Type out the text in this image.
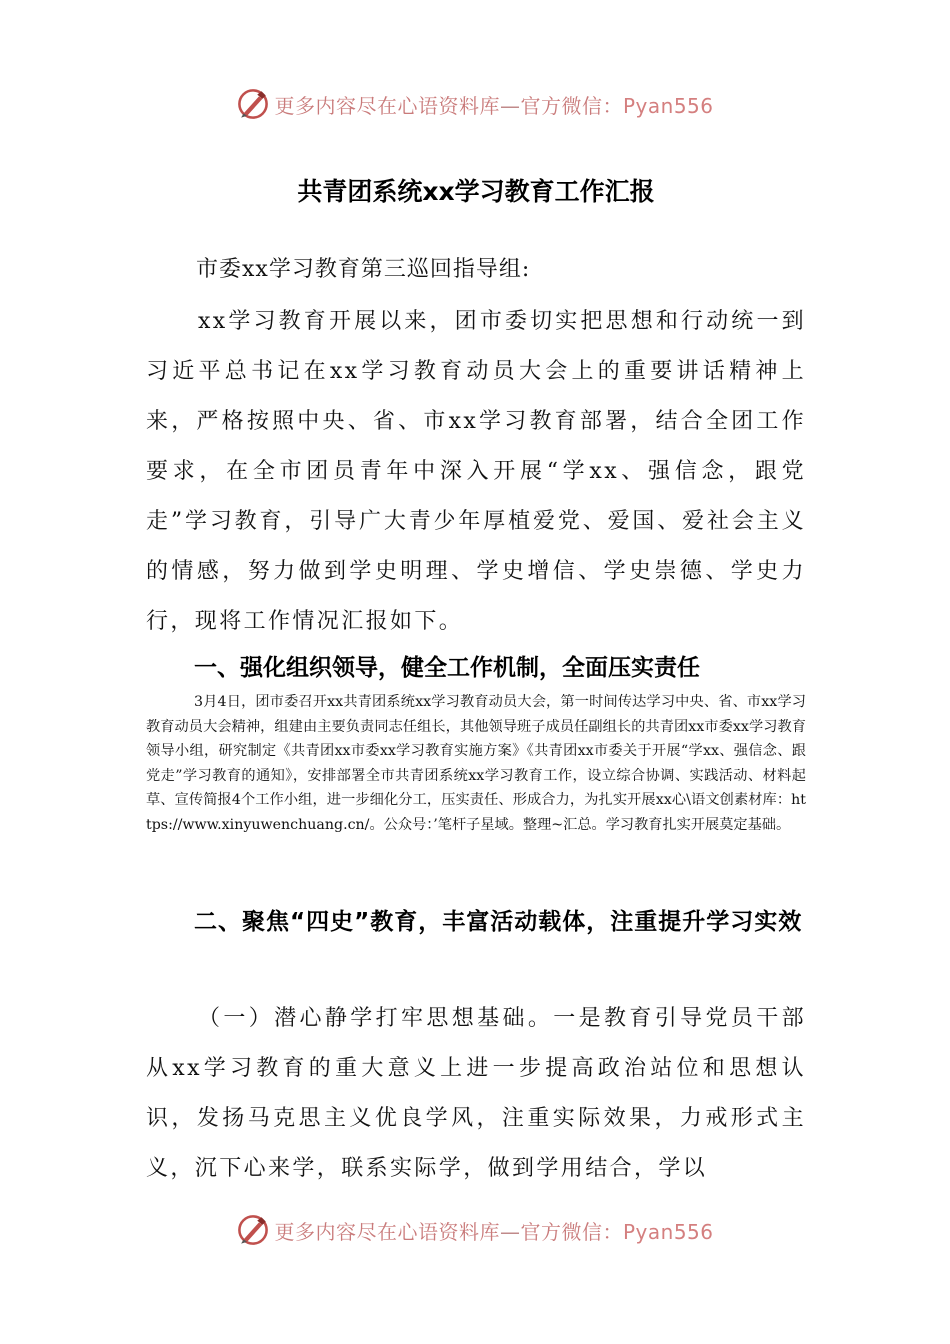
更多内容尽在心语资料库—官方微信：Pyan556
共青团系统xx学习教育工作汇报
市委xx学习教育第三巡回指导组:
xx学习教育开展以来，团市委切实把思想和行动统一到习近平总书记在xx学习教育动员大会上的重要讲话精神上来，严格按照中央、省、市xx学习教育部署，结合全团工作要求，在全市团员青年中深入开展“学xx、强信念，跟党走”学习教育，引导广大青少年厚植爱党、爱国、爱社会主义的情感，努力做到学史明理、学史增信、学史崇德、学史力行，现将工作情况汇报如下。
一、强化组织领导，健全工作机制，全面压实责任
3月4日，团市委召开xx共青团系统xx学习教育动员大会，第一时间传达学习中央、省、市xx学习教育动员大会精神，组建由主要负责同志任组长，其他领导班子成员任副组长的共青团xx市委xx学习教育领导小组，研究制定《共青团xx市委xx学习教育实施方案》《共青团xx市委关于开展“学xx、强信念、跟党走”学习教育的通知》，安排部署全市共青团系统xx学习教育工作，设立综合协调、实践活动、材料起草、宣传简报4个工作小组，进一步细化分工，压实责任、形成合力，为扎实开展xx心\语文创素材库：https://www.xinyuwenchuang.cn/。公众号：’笔杆子星域。整理~汇总。学习教育扎实开展莫定基础。
二、聚焦“四史”教育，丰富活动载体，注重提升学习实效
（一）潜心静学打牢思想基础。一是教育引导党员干部从xx学习教育的重大意义上进一步提高政治站位和思想认识，发扬马克思主义优良学风，注重实际效果，力戒形式主义，沉下心来学，联系实际学，做到学用结合，学以
更多内容尽在心语资料库—官方微信：Pyan556
